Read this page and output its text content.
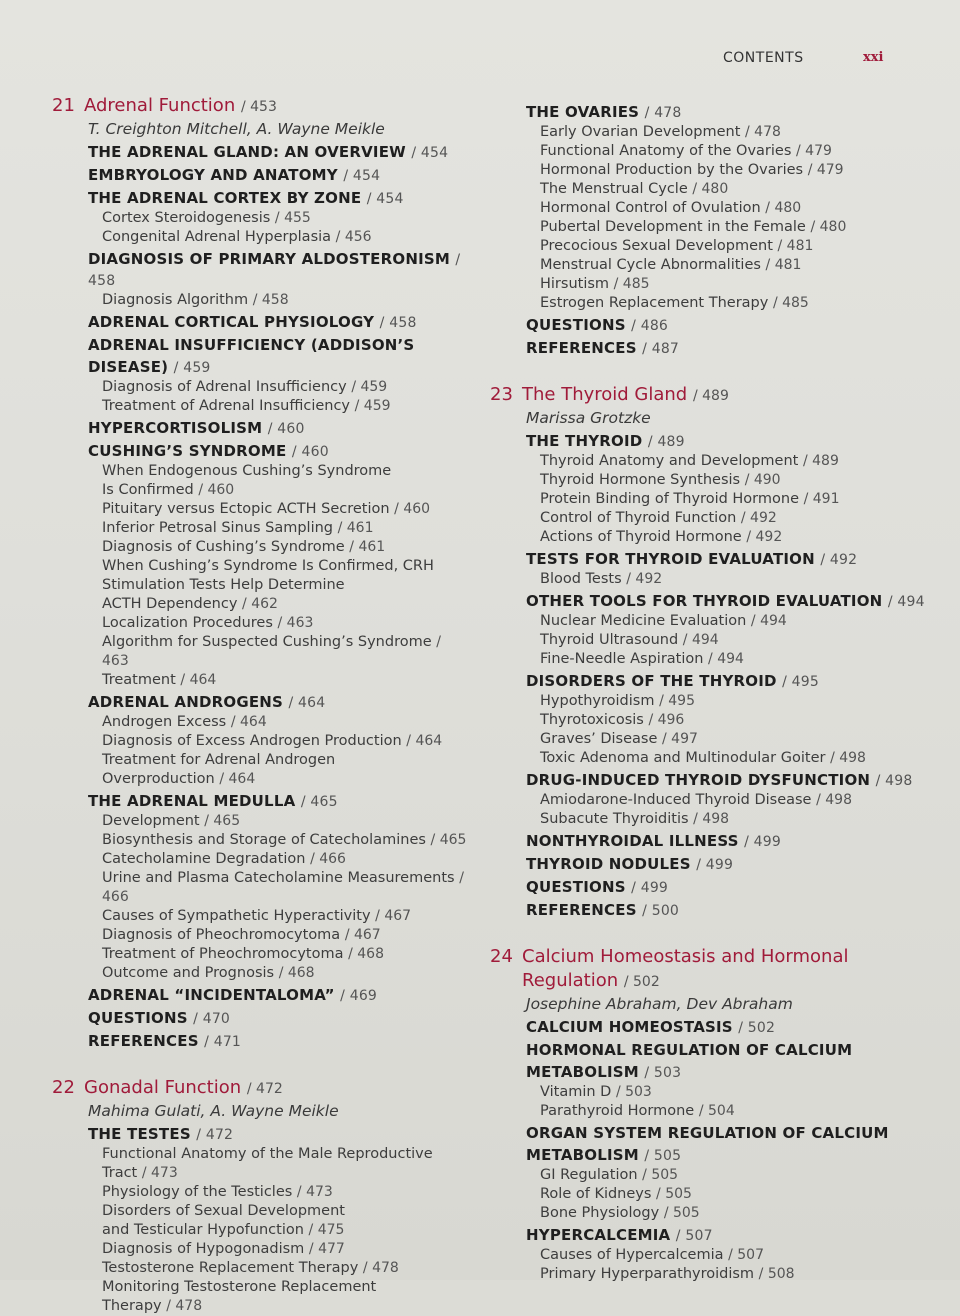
CONTENTS	xxi
21 Adrenal Function / 453
T. Creighton Mitchell, A. Wayne Meikle
THE ADRENAL GLAND: AN OVERVIEW / 454
EMBRYOLOGY AND ANATOMY / 454
THE ADRENAL CORTEX BY ZONE / 454
Cortex Steroidogenesis / 455
Congenital Adrenal Hyperplasia / 456
DIAGNOSIS OF PRIMARY ALDOSTERONISM / 458
Diagnosis Algorithm / 458
ADRENAL CORTICAL PHYSIOLOGY / 458
ADRENAL INSUFFICIENCY (ADDISON’S
DISEASE) / 459
Diagnosis of Adrenal Insufficiency / 459
Treatment of Adrenal Insufficiency / 459
HYPERCORTISOLISM / 460
CUSHING’S SYNDROME / 460
When Endogenous Cushing’s Syndrome
Is Confirmed / 460
Pituitary versus Ectopic ACTH Secretion / 460
Inferior Petrosal Sinus Sampling / 461
Diagnosis of Cushing’s Syndrome / 461
When Cushing’s Syndrome Is Confirmed, CRH
Stimulation Tests Help Determine
ACTH Dependency / 462
Localization Procedures / 463
Algorithm for Suspected Cushing’s Syndrome / 463
Treatment / 464
ADRENAL ANDROGENS / 464
Androgen Excess / 464
Diagnosis of Excess Androgen Production / 464
Treatment for Adrenal Androgen
Overproduction / 464
THE ADRENAL MEDULLA / 465
Development / 465
Biosynthesis and Storage of Catecholamines / 465
Catecholamine Degradation / 466
Urine and Plasma Catecholamine Measurements / 466
Causes of Sympathetic Hyperactivity / 467
Diagnosis of Pheochromocytoma / 467
Treatment of Pheochromocytoma / 468
Outcome and Prognosis / 468
ADRENAL “INCIDENTALOMA” / 469
QUESTIONS / 470
REFERENCES / 471
22 Gonadal Function / 472
Mahima Gulati, A. Wayne Meikle
THE TESTES / 472
Functional Anatomy of the Male Reproductive
Tract / 473
Physiology of the Testicles / 473
Disorders of Sexual Development
and Testicular Hypofunction / 475
Diagnosis of Hypogonadism / 477
Testosterone Replacement Therapy / 478
Monitoring Testosterone Replacement
Therapy / 478
THE OVARIES / 478
Early Ovarian Development / 478
Functional Anatomy of the Ovaries / 479
Hormonal Production by the Ovaries / 479
The Menstrual Cycle / 480
Hormonal Control of Ovulation / 480
Pubertal Development in the Female / 480
Precocious Sexual Development / 481
Menstrual Cycle Abnormalities / 481
Hirsutism / 485
Estrogen Replacement Therapy / 485
QUESTIONS / 486
REFERENCES / 487
23 The Thyroid Gland / 489
Marissa Grotzke
THE THYROID / 489
Thyroid Anatomy and Development / 489
Thyroid Hormone Synthesis / 490
Protein Binding of Thyroid Hormone / 491
Control of Thyroid Function / 492
Actions of Thyroid Hormone / 492
TESTS FOR THYROID EVALUATION / 492
Blood Tests / 492
OTHER TOOLS FOR THYROID EVALUATION / 494
Nuclear Medicine Evaluation / 494
Thyroid Ultrasound / 494
Fine-Needle Aspiration / 494
DISORDERS OF THE THYROID / 495
Hypothyroidism / 495
Thyrotoxicosis / 496
Graves’ Disease / 497
Toxic Adenoma and Multinodular Goiter / 498
DRUG-INDUCED THYROID DYSFUNCTION / 498
Amiodarone-Induced Thyroid Disease / 498
Subacute Thyroiditis / 498
NONTHYROIDAL ILLNESS / 499
THYROID NODULES / 499
QUESTIONS / 499
REFERENCES / 500
24 Calcium Homeostasis and Hormonal
Regulation / 502
Josephine Abraham, Dev Abraham
CALCIUM HOMEOSTASIS / 502
HORMONAL REGULATION OF CALCIUM
METABOLISM / 503
Vitamin D / 503
Parathyroid Hormone / 504
ORGAN SYSTEM REGULATION OF CALCIUM
METABOLISM / 505
GI Regulation / 505
Role of Kidneys / 505
Bone Physiology / 505
HYPERCALCEMIA / 507
Causes of Hypercalcemia / 507
Primary Hyperparathyroidism / 508
